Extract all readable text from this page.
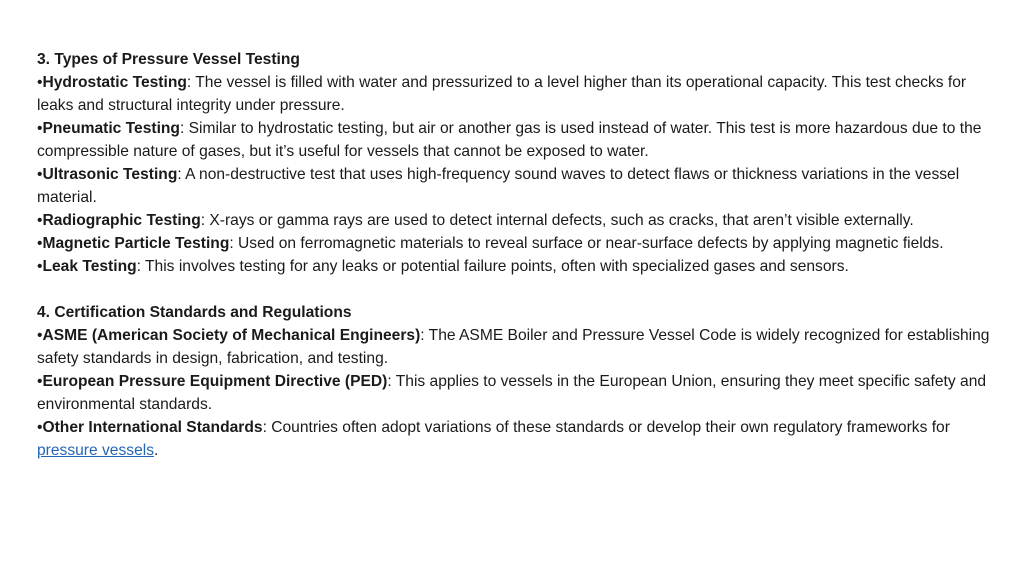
3. Types of Pressure Vessel Testing
•Hydrostatic Testing: The vessel is filled with water and pressurized to a level higher than its operational capacity. This test checks for leaks and structural integrity under pressure.
•Pneumatic Testing: Similar to hydrostatic testing, but air or another gas is used instead of water. This test is more hazardous due to the compressible nature of gases, but it’s useful for vessels that cannot be exposed to water.
•Ultrasonic Testing: A non-destructive test that uses high-frequency sound waves to detect flaws or thickness variations in the vessel material.
•Radiographic Testing: X-rays or gamma rays are used to detect internal defects, such as cracks, that aren’t visible externally.
•Magnetic Particle Testing: Used on ferromagnetic materials to reveal surface or near-surface defects by applying magnetic fields.
•Leak Testing: This involves testing for any leaks or potential failure points, often with specialized gases and sensors.
4. Certification Standards and Regulations
•ASME (American Society of Mechanical Engineers): The ASME Boiler and Pressure Vessel Code is widely recognized for establishing safety standards in design, fabrication, and testing.
•European Pressure Equipment Directive (PED): This applies to vessels in the European Union, ensuring they meet specific safety and environmental standards.
•Other International Standards: Countries often adopt variations of these standards or develop their own regulatory frameworks for pressure vessels.
